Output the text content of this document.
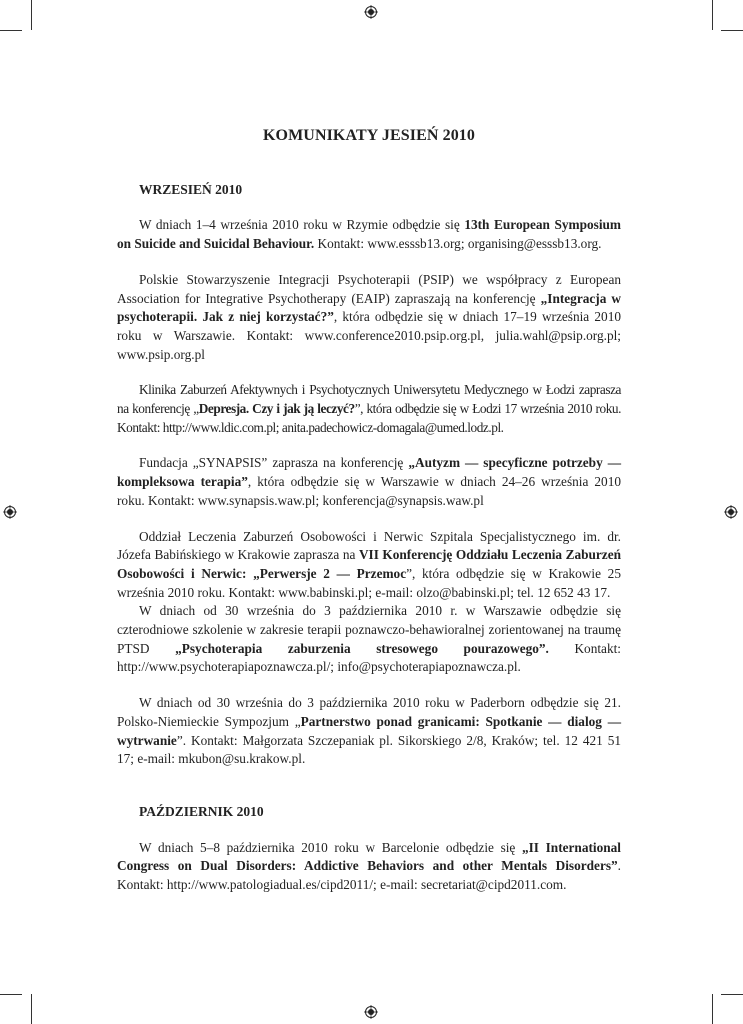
KOMUNIKATY JESIEŃ 2010
WRZESIEŃ 2010

W dniach 1–4 września 2010 roku w Rzymie odbędzie się 13th European Symposium on Suicide and Suicidal Behaviour. Kontakt: www.esssb13.org; organising@esssb13.org.

Polskie Stowarzyszenie Integracji Psychoterapii (PSIP) we współpracy z European Association for Integrative Psychotherapy (EAIP) zapraszają na konferencję „Integracja w psychoterapii. Jak z niej korzystać?”, która odbędzie się w dniach 17–19 września 2010 roku w Warszawie. Kontakt: www.conference2010.psip.org.pl, julia.wahl@psip.org.pl; www.psip.org.pl

Klinika Zaburzeń Afektywnych i Psychotycznych Uniwersytetu Medycznego w Łodzi zaprasza na konferencję „Depresja. Czy i jak ją leczyć?”, która odbędzie się w Łodzi 17 września 2010 roku. Kontakt: http://www.ldic.com.pl; anita.padechowicz-domagala@umed.lodz.pl.

Fundacja „SYNAPSIS” zaprasza na konferencję „Autyzm — specyficzne potrzeby — kompleksowa terapia”, która odbędzie się w Warszawie w dniach 24–26 września 2010 roku. Kontakt: www.synapsis.waw.pl; konferencja@synapsis.waw.pl

Oddział Leczenia Zaburzeń Osobowości i Nerwic Szpitala Specjalistycznego im. dr. Józefa Babińskiego w Krakowie zaprasza na VII Konferencję Oddziału Leczenia Zaburzeń Osobowości i Nerwic: „Perwersje 2 — Przemoc”, która odbędzie się w Krakowie 25 września 2010 roku. Kontakt: www.babinski.pl; e-mail: olzo@babinski.pl; tel. 12 652 43 17.

W dniach od 30 września do 3 października 2010 r. w Warszawie odbędzie się czterodniowe szkolenie w zakresie terapii poznawczo-behawioralnej zorientowanej na traumę PTSD „Psychoterapia zaburzenia stresowego pourazowego”. Kontakt: http://www.psychoterapiapoznawcza.pl/; info@psychoterapiapoznawcza.pl.

W dniach od 30 września do 3 października 2010 roku w Paderborn odbędzie się 21. Polsko-Niemieckie Sympozjum „Partnerstwo ponad granicami: Spotkanie — dialog — wytrwanie”. Kontakt: Małgorzata Szczepaniak pl. Sikorskiego 2/8, Kraków; tel. 12 421 51 17; e-mail: mkubon@su.krakow.pl.

PAŹDZIERNIK 2010

W dniach 5–8 października 2010 roku w Barcelonie odbędzie się „II International Congress on Dual Disorders: Addictive Behaviors and other Mentals Disorders”. Kontakt: http://www.patologiadual.es/cipd2011/; e-mail: secretariat@cipd2011.com.
